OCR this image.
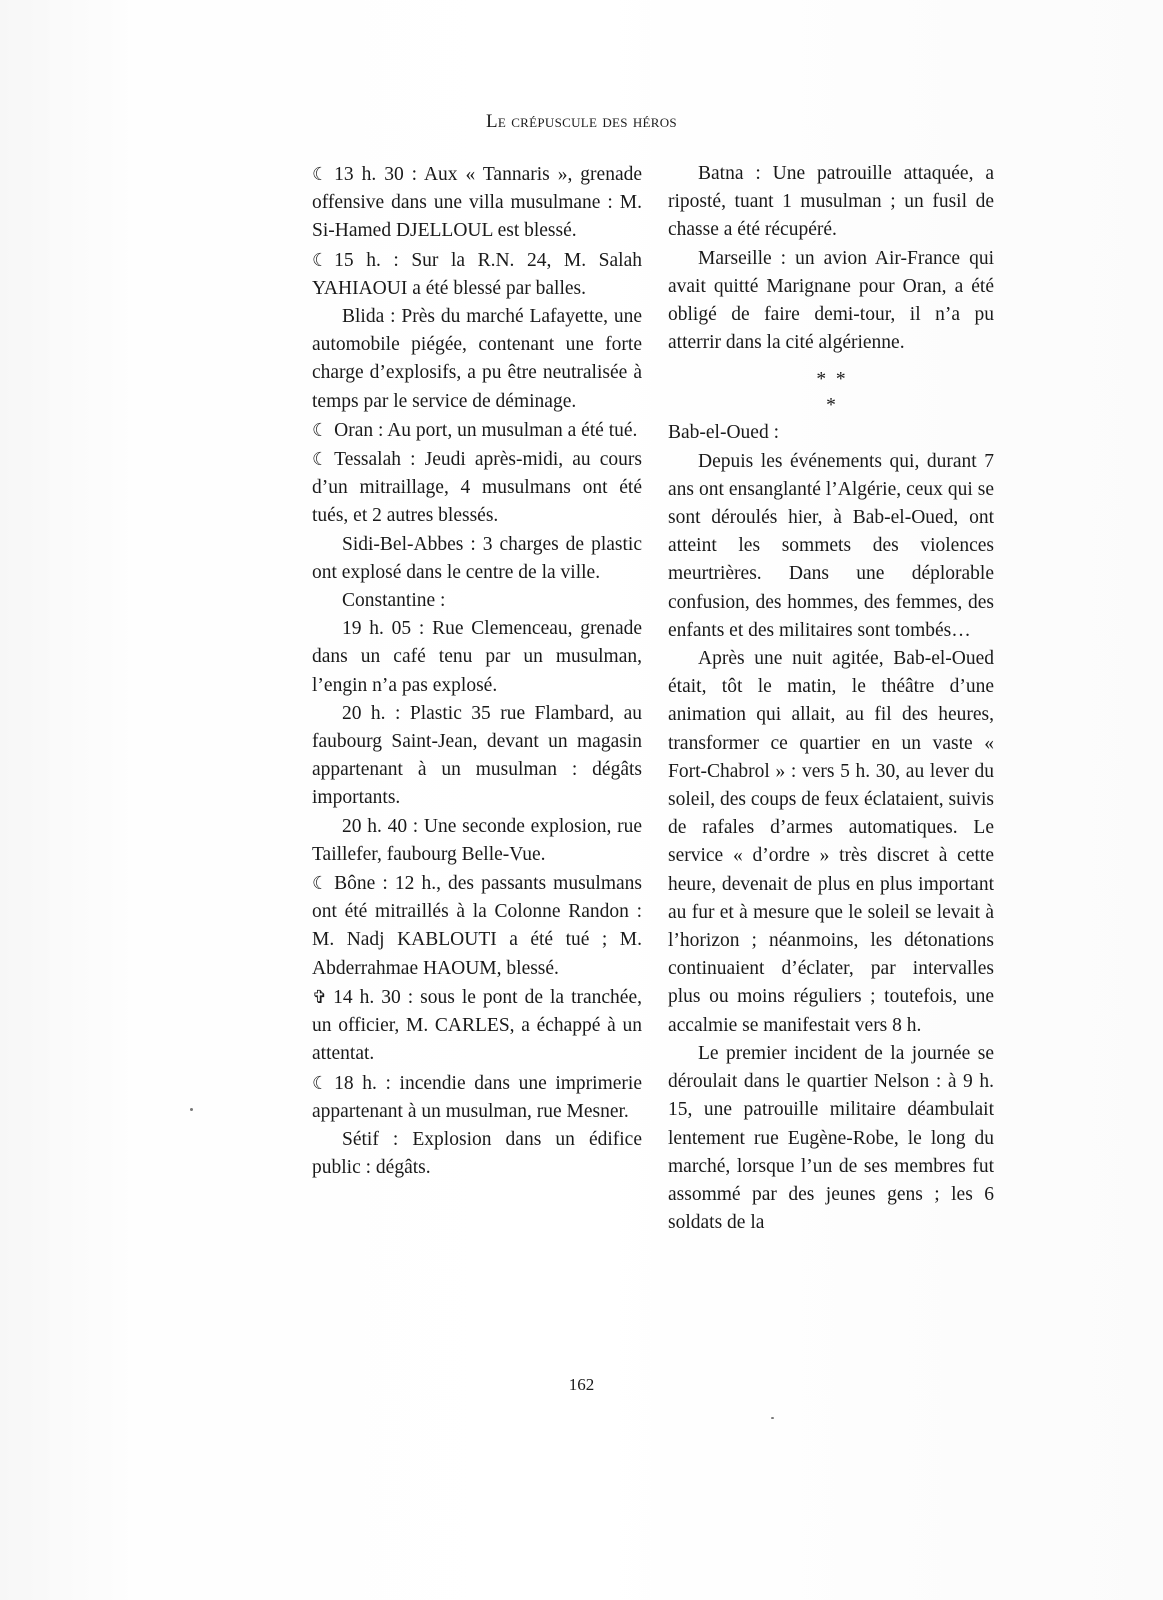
Le crépuscule des héros

☾ 13 h. 30 : Aux « Tannaris », grenade offensive dans une villa musulmane : M. Si-Hamed DJELLOUL est blessé.

☾ 15 h. : Sur la R.N. 24, M. Salah YAHIAOUI a été blessé par balles.

Blida : Près du marché Lafayette, une automobile piégée, contenant une forte charge d’explosifs, a pu être neutralisée à temps par le service de déminage.

☾ Oran : Au port, un musulman a été tué.

☾ Tessalah : Jeudi après-midi, au cours d’un mitraillage, 4 musulmans ont été tués, et 2 autres blessés.

Sidi-Bel-Abbes : 3 charges de plastic ont explosé dans le centre de la ville.

Constantine :

19 h. 05 : Rue Clemenceau, grenade dans un café tenu par un musulman, l’engin n’a pas explosé.

20 h. : Plastic 35 rue Flambard, au faubourg Saint-Jean, devant un magasin appartenant à un musulman : dégâts importants.

20 h. 40 : Une seconde explosion, rue Taillefer, faubourg Belle-Vue.

☾ Bône : 12 h., des passants musulmans ont été mitraillés à la Colonne Randon : M. Nadj KABLOUTI a été tué ; M. Abderrahmae HAOUM, blessé.

✞ 14 h. 30 : sous le pont de la tranchée, un officier, M. CARLES, a échappé à un attentat.

☾ 18 h. : incendie dans une imprimerie appartenant à un musulman, rue Mesner.

Sétif : Explosion dans un édifice public : dégâts.

Batna : Une patrouille attaquée, a riposté, tuant 1 musulman ; un fusil de chasse a été récupéré.

Marseille : un avion Air-France qui avait quitté Marignane pour Oran, a été obligé de faire demi-tour, il n’a pu atterrir dans la cité algérienne.

*  *
*

Bab-el-Oued :

Depuis les événements qui, durant 7 ans ont ensanglanté l’Algérie, ceux qui se sont déroulés hier, à Bab-el-Oued, ont atteint les sommets des violences meurtrières. Dans une déplorable confusion, des hommes, des femmes, des enfants et des militaires sont tombés…

Après une nuit agitée, Bab-el-Oued était, tôt le matin, le théâtre d’une animation qui allait, au fil des heures, transformer ce quartier en un vaste « Fort-Chabrol » : vers 5 h. 30, au lever du soleil, des coups de feux éclataient, suivis de rafales d’armes automatiques. Le service « d’ordre » très discret à cette heure, devenait de plus en plus important au fur et à mesure que le soleil se levait à l’horizon ; néanmoins, les détonations continuaient d’éclater, par intervalles plus ou moins réguliers ; toutefois, une accalmie se manifestait vers 8 h.

Le premier incident de la journée se déroulait dans le quartier Nelson : à 9 h. 15, une patrouille militaire déambulait lentement rue Eugène-Robe, le long du marché, lorsque l’un de ses membres fut assommé par des jeunes gens ; les 6 soldats de la

162
